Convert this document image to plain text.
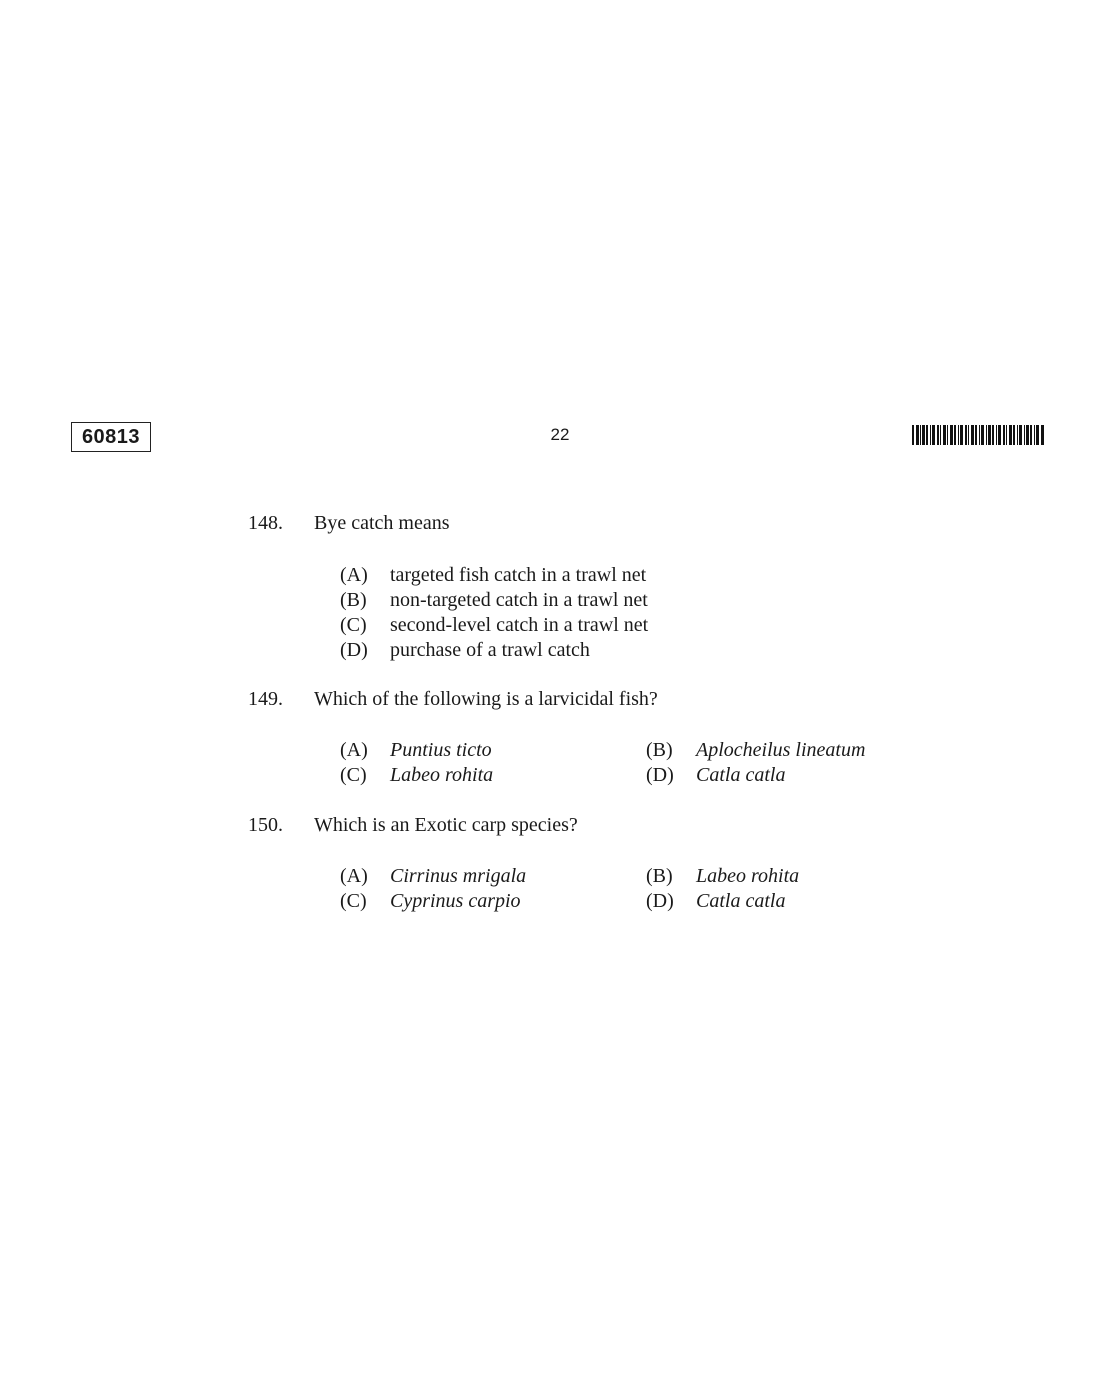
60813	22
148. Bye catch means
(A) targeted fish catch in a trawl net
(B) non-targeted catch in a trawl net
(C) second-level catch in a trawl net
(D) purchase of a trawl catch
149. Which of the following is a larvicidal fish?
(A) Puntius ticto	(B) Aplocheilus lineatum
(C) Labeo rohita	(D) Catla catla
150. Which is an Exotic carp species?
(A) Cirrinus mrigala	(B) Labeo rohita
(C) Cyprinus carpio	(D) Catla catla
